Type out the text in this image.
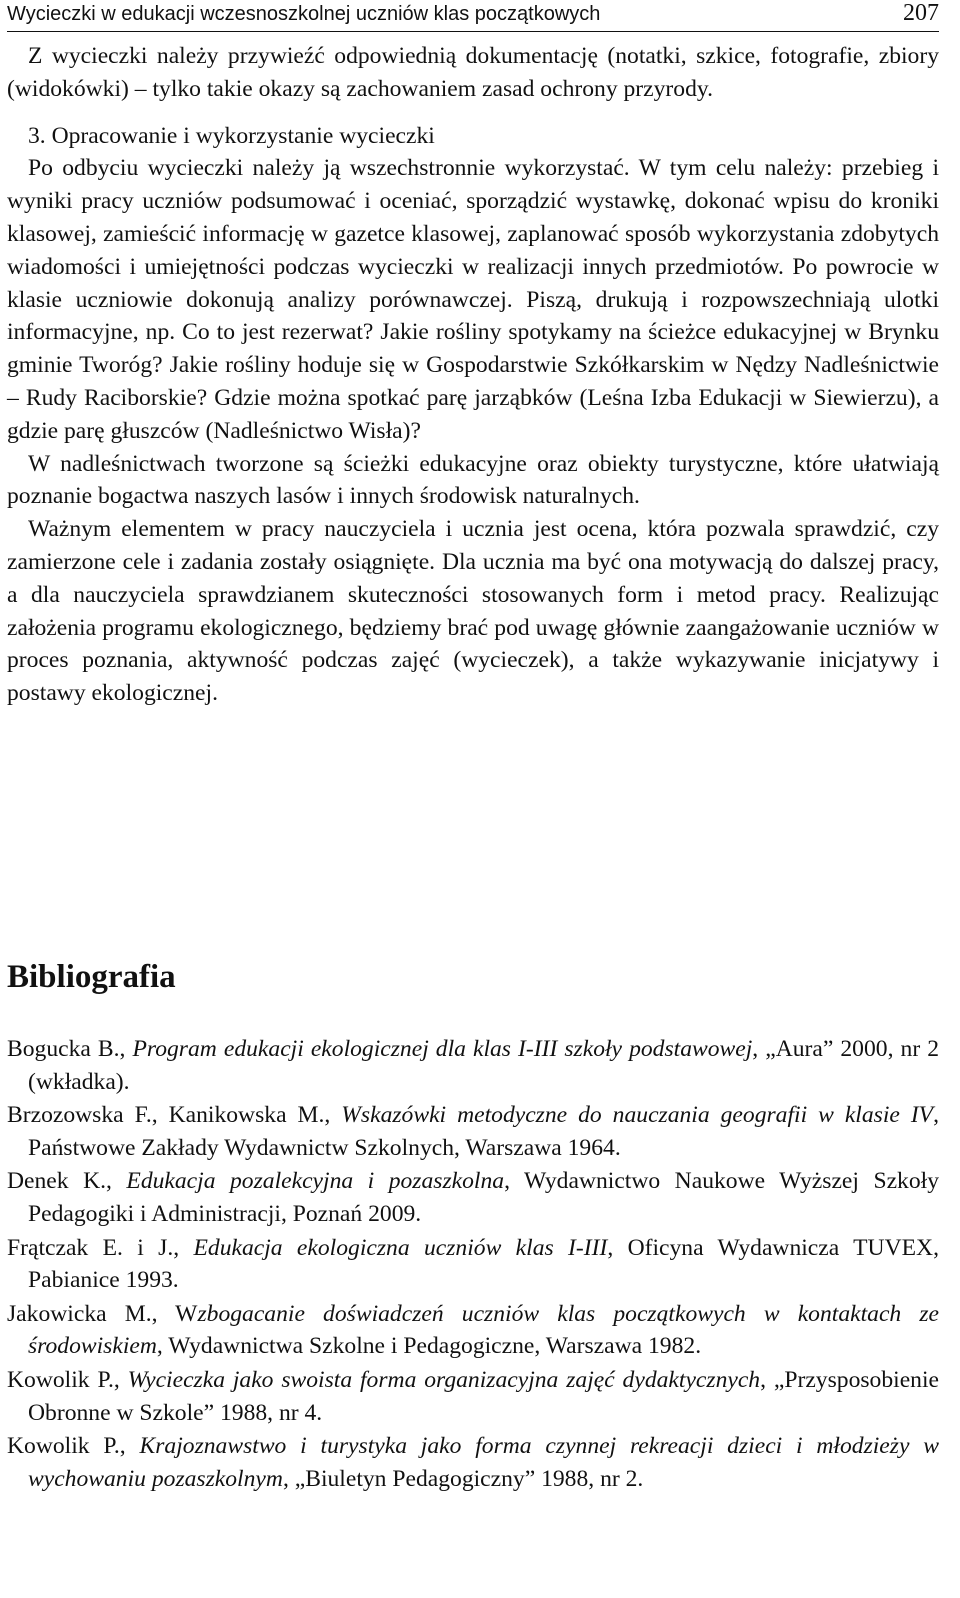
Wycieczki w edukacji wczesnoszkolnej uczniów klas początkowych	207

Z wycieczki należy przywieźć odpowiednią dokumentację (notatki, szkice, fotografie, zbiory (widokówki) – tylko takie okazy są zachowaniem zasad ochrony przyrody.

3. Opracowanie i wykorzystanie wycieczki

Po odbyciu wycieczki należy ją wszechstronnie wykorzystać. W tym celu należy: przebieg i wyniki pracy uczniów podsumować i oceniać, sporządzić wystawkę, dokonać wpisu do kroniki klasowej, zamieścić informację w gazetce klasowej, zaplanować sposób wykorzystania zdobytych wiadomości i umiejętności podczas wycieczki w realizacji innych przedmiotów. Po powrocie w klasie uczniowie dokonują analizy porównawczej. Piszą, drukują i rozpowszechniają ulotki informacyjne, np. Co to jest rezerwat? Jakie rośliny spotykamy na ścieżce edukacyjnej w Brynku gminie Tworóg? Jakie rośliny hoduje się w Gospodarstwie Szkółkarskim w Nędzy Nadleśnictwie – Rudy Raciborskie? Gdzie można spotkać parę jarząbków (Leśna Izba Edukacji w Siewierzu), a gdzie parę głuszców (Nadleśnictwo Wisła)?

W nadleśnictwach tworzone są ścieżki edukacyjne oraz obiekty turystyczne, które ułatwiają poznanie bogactwa naszych lasów i innych środowisk naturalnych.

Ważnym elementem w pracy nauczyciela i ucznia jest ocena, która pozwala sprawdzić, czy zamierzone cele i zadania zostały osiągnięte. Dla ucznia ma być ona motywacją do dalszej pracy, a dla nauczyciela sprawdzianem skuteczności stosowanych form i metod pracy. Realizując założenia programu ekologicznego, będziemy brać pod uwagę głównie zaangażowanie uczniów w proces poznania, aktywność podczas zajęć (wycieczek), a także wykazywanie inicjatywy i postawy ekologicznej.

Bibliografia
Bogucka B., Program edukacji ekologicznej dla klas I-III szkoły podstawowej, „Aura” 2000, nr 2 (wkładka).
Brzozowska F., Kanikowska M., Wskazówki metodyczne do nauczania geografii w klasie IV, Państwowe Zakłady Wydawnictw Szkolnych, Warszawa 1964.
Denek K., Edukacja pozalekcyjna i pozaszkolna, Wydawnictwo Naukowe Wyższej Szkoły Pedagogiki i Administracji, Poznań 2009.
Frątczak E. i J., Edukacja ekologiczna uczniów klas I-III, Oficyna Wydawnicza TUVEX, Pabianice 1993.
Jakowicka M., Wzbogacanie doświadczeń uczniów klas początkowych w kontaktach ze środowiskiem, Wydawnictwa Szkolne i Pedagogiczne, Warszawa 1982.
Kowolik P., Wycieczka jako swoista forma organizacyjna zajęć dydaktycznych, „Przysposobienie Obronne w Szkole” 1988, nr 4.
Kowolik P., Krajoznawstwo i turystyka jako forma czynnej rekreacji dzieci i młodzieży w wychowaniu pozaszkolnym, „Biuletyn Pedagogiczny” 1988, nr 2.
